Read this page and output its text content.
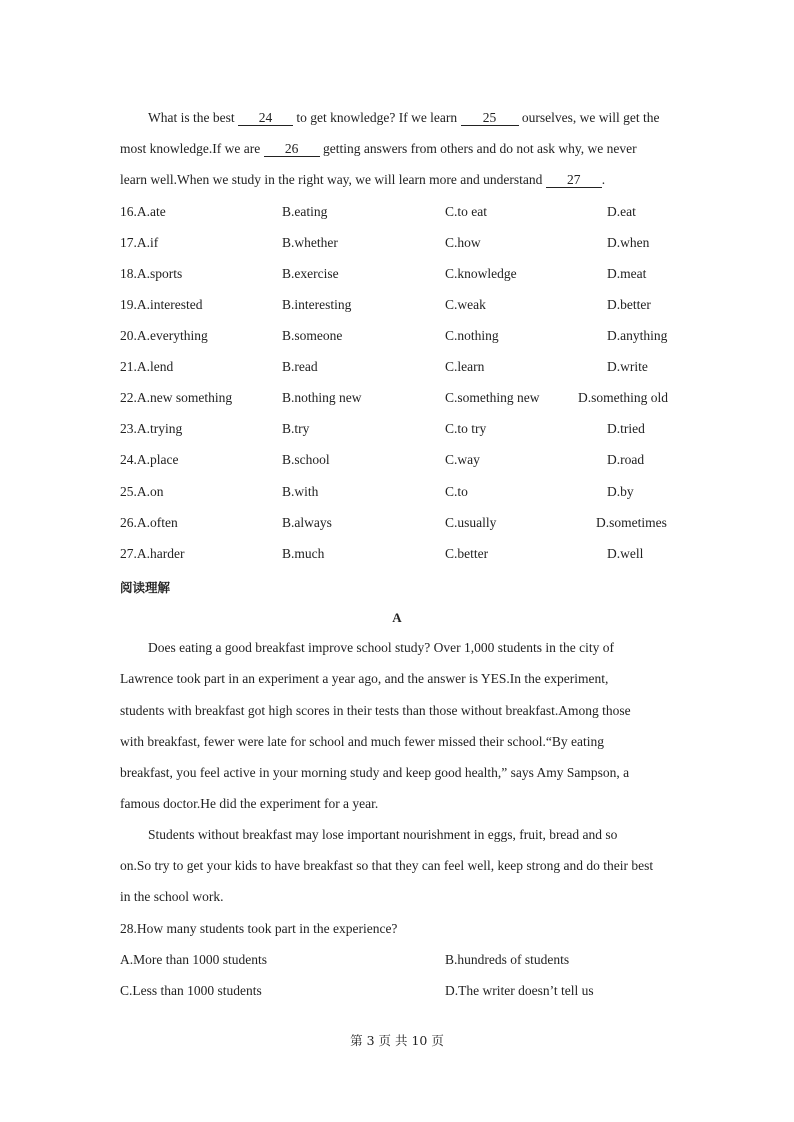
What is the best 24 to get knowledge? If we learn 25 ourselves, we will get the
most knowledge.If we are 26 getting answers from others and do not ask why, we never
learn well.When we study in the right way, we will learn more and understand 27 .
16.A.ate	B.eating	C.to eat	D.eat
17.A.if	B.whether	C.how	D.when
18.A.sports	B.exercise	C.knowledge	D.meat
19.A.interested	B.interesting	C.weak	D.better
20.A.everything	B.someone	C.nothing	D.anything
21.A.lend	B.read	C.learn	D.write
22.A.new something	B.nothing new	C.something new	D.something old
23.A.trying	B.try	C.to try	D.tried
24.A.place	B.school	C.way	D.road
25.A.on	B.with	C.to	D.by
26.A.often	B.always	C.usually	D.sometimes
27.A.harder	B.much	C.better	D.well
阅读理解
A
Does eating a good breakfast improve school study? Over 1,000 students in the city of
Lawrence took part in an experiment a year ago, and the answer is YES.In the experiment,
students with breakfast got high scores in their tests than those without breakfast.Among those
with breakfast, fewer were late for school and much fewer missed their school.“By eating
breakfast, you feel active in your morning study and keep good health,” says Amy Sampson, a
famous doctor.He did the experiment for a year.
Students without breakfast may lose important nourishment in eggs, fruit, bread and so
on.So try to get your kids to have breakfast so that they can feel well, keep strong and do their best
in the school work.
28.How many students took part in the experience?
A.More than 1000 students	B.hundreds of students
C.Less than 1000 students	D.The writer doesn’t tell us
第 3 页 共 10 页
